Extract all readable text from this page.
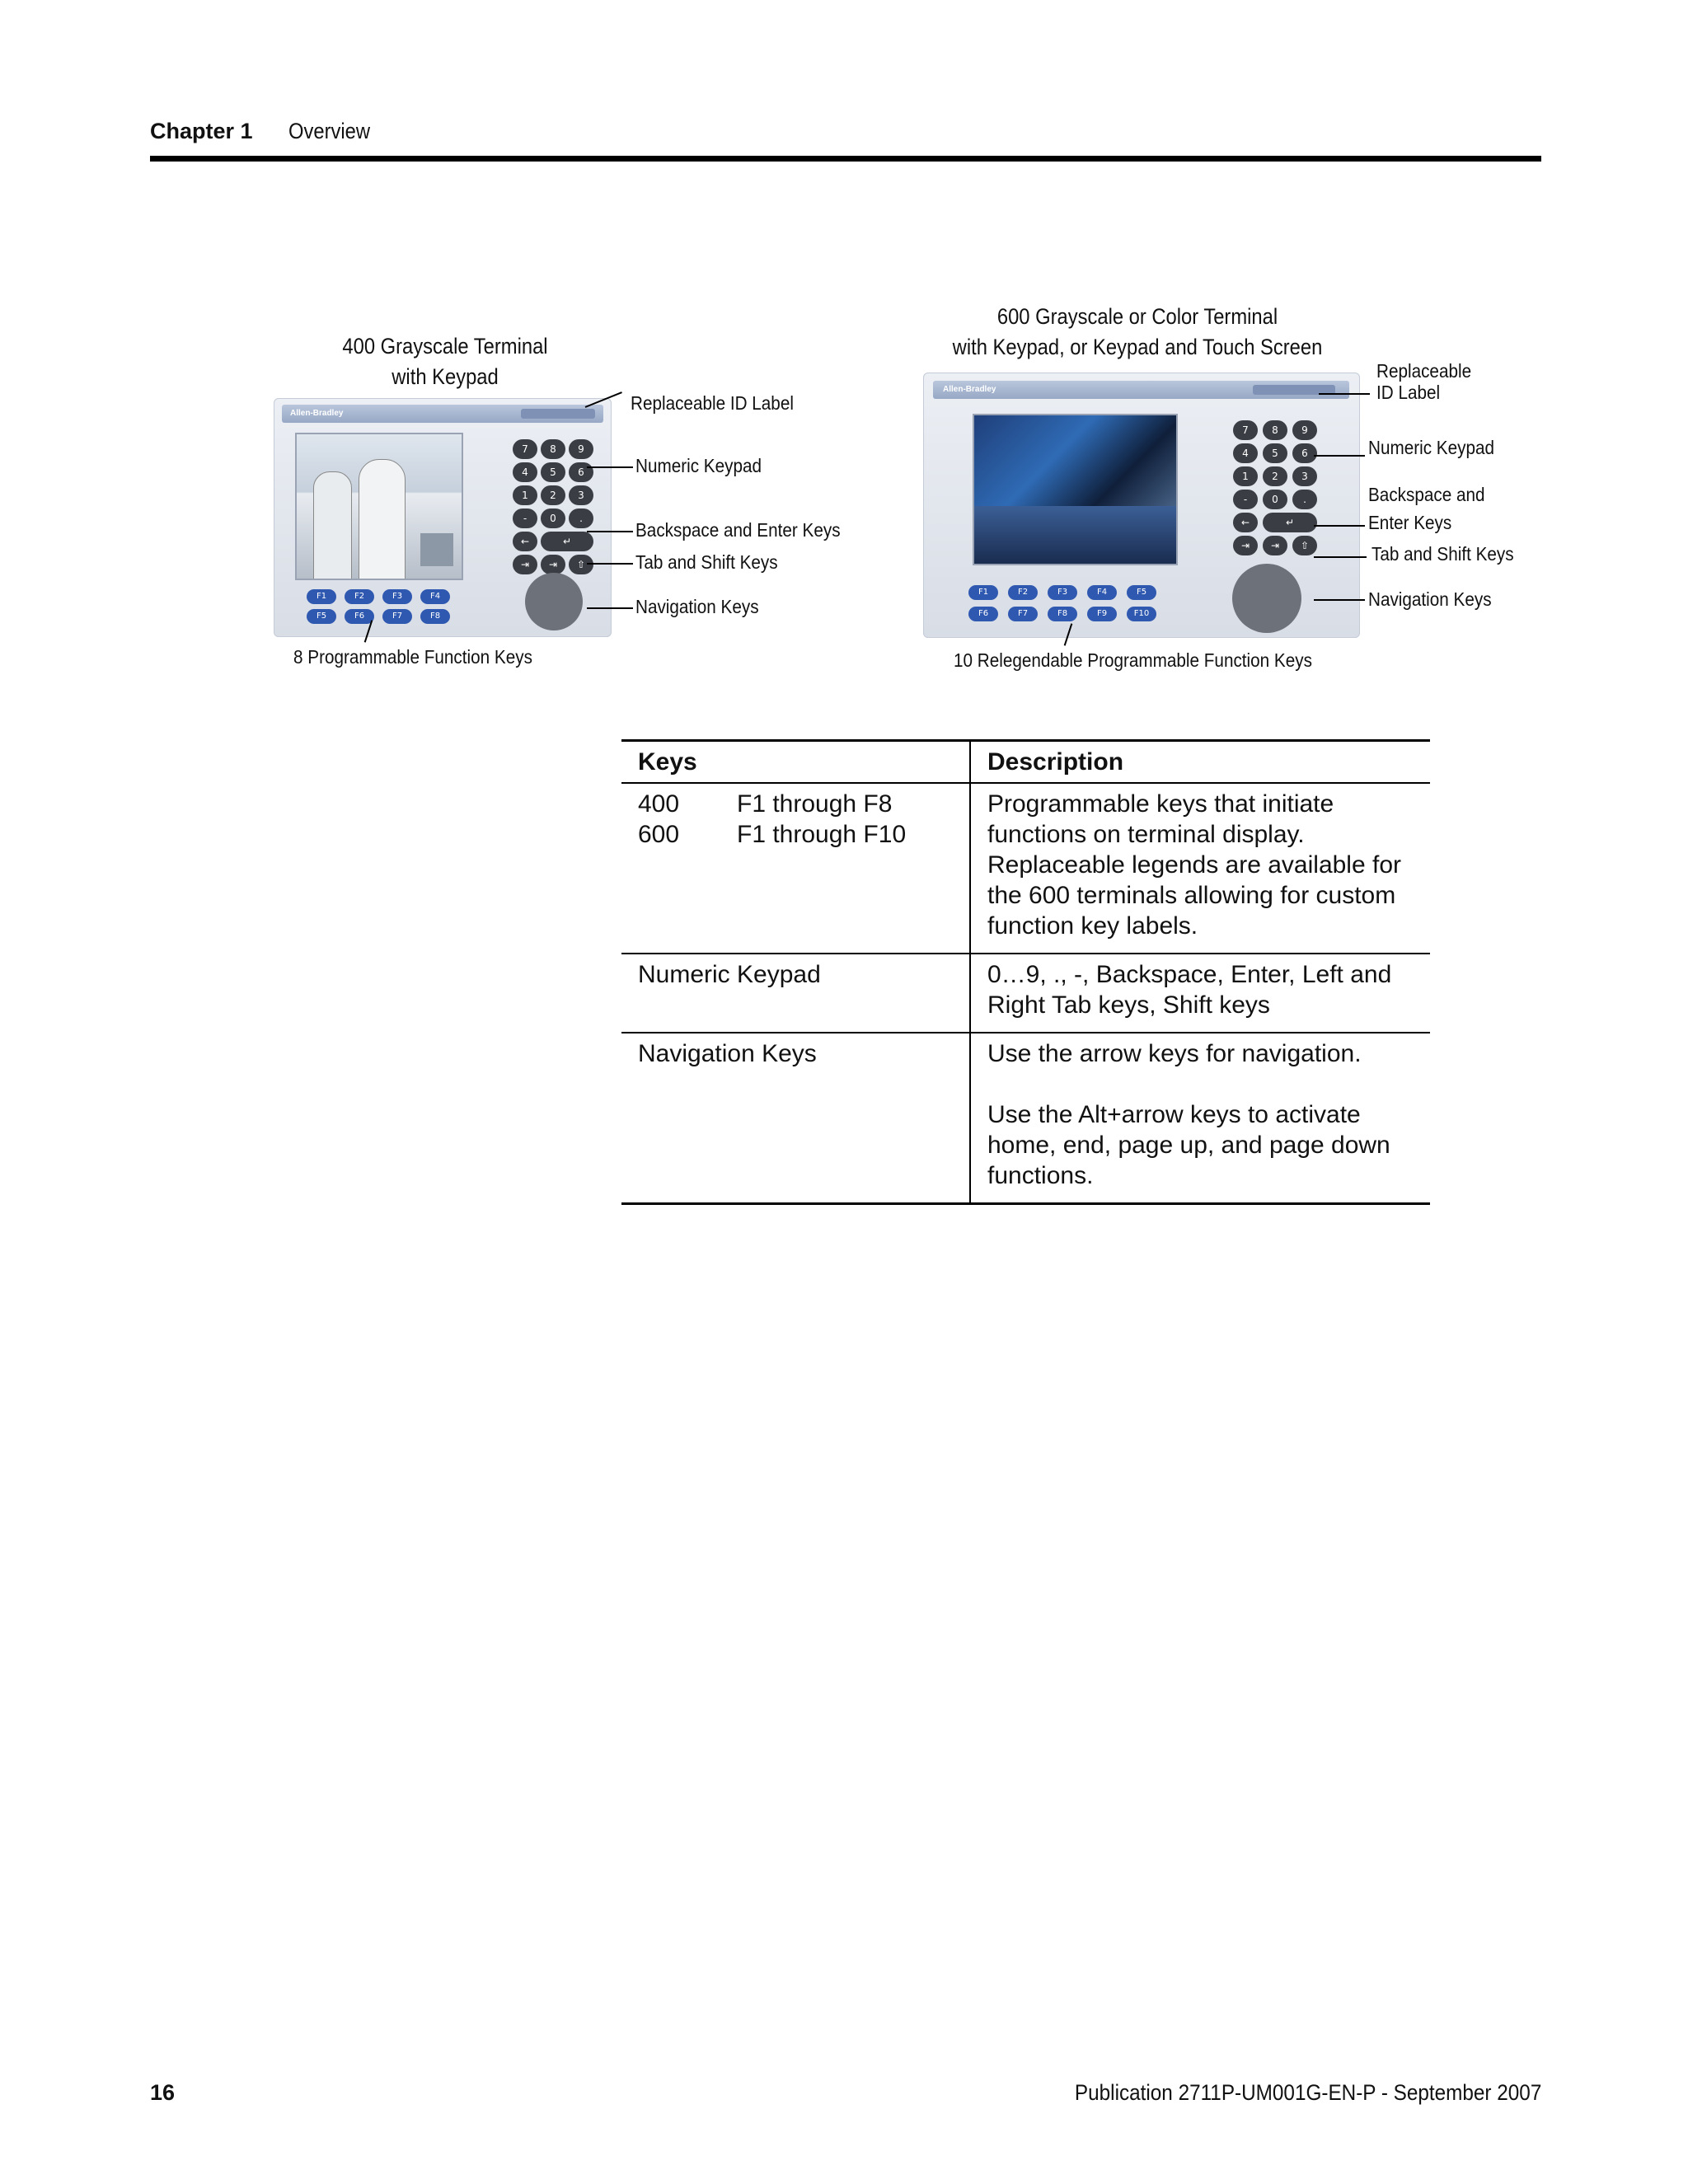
Chapter 1 Overview
400 Grayscale Terminal
with Keypad
Allen-Bradley
7	8	9
4	5	6
1	2	3
-	0	.
←	↵
⇥	⇥	⇧
F1	F2	F3	F4
F5	F6	F7	F8
Replaceable ID Label
Numeric Keypad
Backspace and Enter Keys
Tab and Shift Keys
Navigation Keys
8 Programmable Function Keys
600 Grayscale or Color Terminal
with Keypad, or Keypad and Touch Screen
Allen-Bradley
7	8	9
4	5	6
1	2	3
-	0	.
←	↵
⇥	⇥	⇧
F1	F2	F3	F4	F5
F6	F7	F8	F9	F10
Replaceable
ID Label
Numeric Keypad
Backspace and
Enter Keys
Tab and Shift Keys
Navigation Keys
10 Relegendable Programmable Function Keys
Keys	Description

400 F1 through F8
600 F1 through F10	Programmable keys that initiate functions on terminal display. Replaceable legends are available for the 600 terminals allowing for custom function key labels.
Numeric Keypad	0…9, ., -, Backspace, Enter, Left and Right Tab keys, Shift keys
Navigation Keys	Use the arrow keys for navigation.
Use the Alt+arrow keys to activate home, end, page up, and page down functions.
16	Publication 2711P-UM001G-EN-P - September 2007
